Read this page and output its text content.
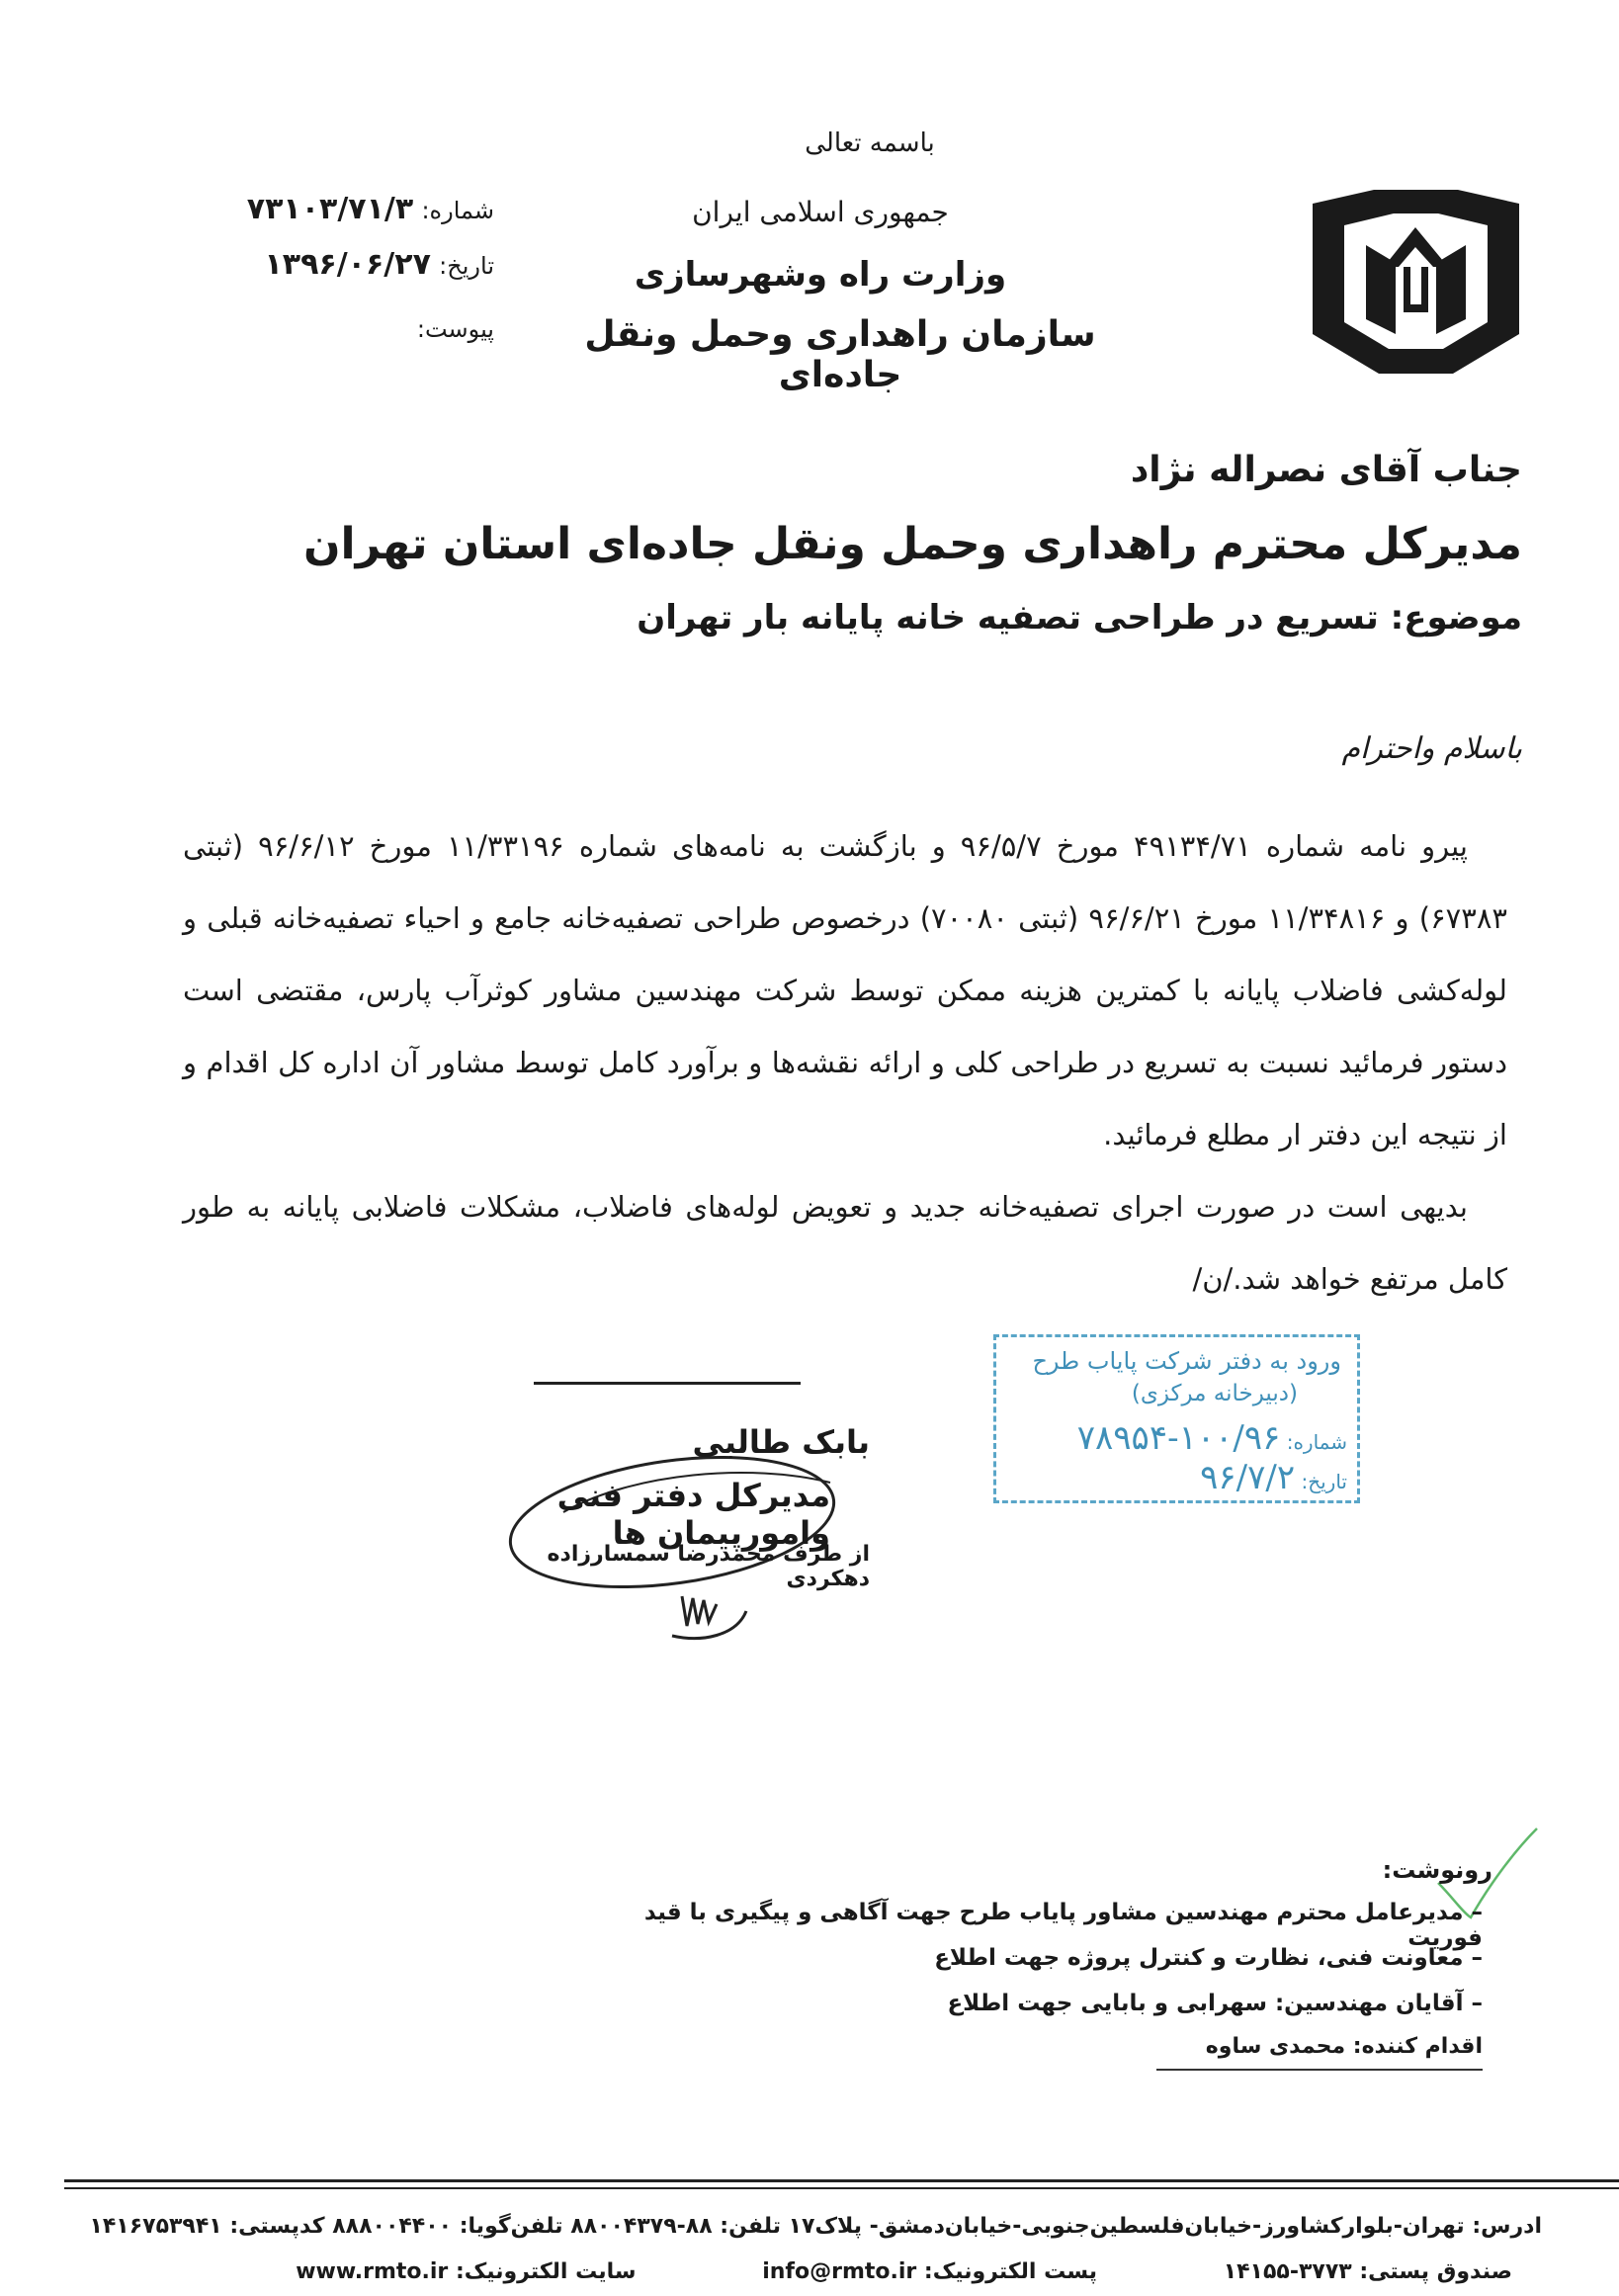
باسمه تعالی
جمهوری اسلامی ایران
وزارت راه وشهرسازی
سازمان راهداری وحمل ونقل جاده‌ای
شماره: ۷۳۱۰۳/۷۱/۳
تاریخ: ۱۳۹۶/۰۶/۲۷
پیوست:
جناب آقای نصراله نژاد
مدیرکل محترم راهداری وحمل ونقل جاده‌ای استان تهران
موضوع: تسریع در طراحی تصفیه خانه پایانه بار تهران
باسلام واحترام

پیرو نامه شماره ۴۹۱۳۴/۷۱ مورخ ۹۶/۵/۷ و بازگشت به نامه‌های شماره ۱۱/۳۳۱۹۶ مورخ ۹۶/۶/۱۲ (ثبتی ۶۷۳۸۳) و ۱۱/۳۴۸۱۶ مورخ ۹۶/۶/۲۱ (ثبتی ۷۰۰۸۰) درخصوص طراحی تصفیه‌خانه جامع و احیاء تصفیه‌خانه قبلی و لوله‌کشی فاضلاب پایانه با کمترین هزینه ممکن توسط شرکت مهندسین مشاور کوثرآب پارس، مقتضی است دستور فرمائید نسبت به تسریع در طراحی کلی و ارائه نقشه‌ها و برآورد کامل توسط مشاور آن اداره کل اقدام و از نتیجه این دفتر ار مطلع فرمائید.

بدیهی است در صورت اجرای تصفیه‌خانه جدید و تعویض لوله‌های فاضلاب، مشکلات فاضلابی پایانه به طور کامل مرتفع خواهد شد./ن/

ورود به دفتر شرکت پایاب طرح
(دبیرخانه مرکزی)
شماره: ۱۰۰/۹۶-۷۸۹۵۴
تاریخ: ۹۶/۷/۲
بابک طالبی
مدیرکل دفتر فنی وامورپیمان ها
از طرف محمدرضا سمسارزاده دهکردی
رونوشت:
– مدیرعامل محترم مهندسین مشاور پایاب طرح جهت آگاهی و پیگیری با قید فوریت
– معاونت فنی، نظارت و کنترل پروژه جهت اطلاع
– آقایان مهندسین: سهرابی و بابایی جهت اطلاع
اقدام کننده: محمدی ساوه
ادرس: تهران-بلوارکشاورز-خیابان‌فلسطین‌جنوبی-خیابان‌دمشق- پلاک۱۷ تلفن: ۸۸-۸۸۰۰۴۳۷۹ تلفن‌گویا: ۸۸۸۰۰۴۴۰۰ کدپستی: ۱۴۱۶۷۵۳۹۴۱
صندوق پستی: ۳۷۷۳-۱۴۱۵۵ پست الکترونیک: info@rmto.ir سایت الکترونیک: www.rmto.ir
